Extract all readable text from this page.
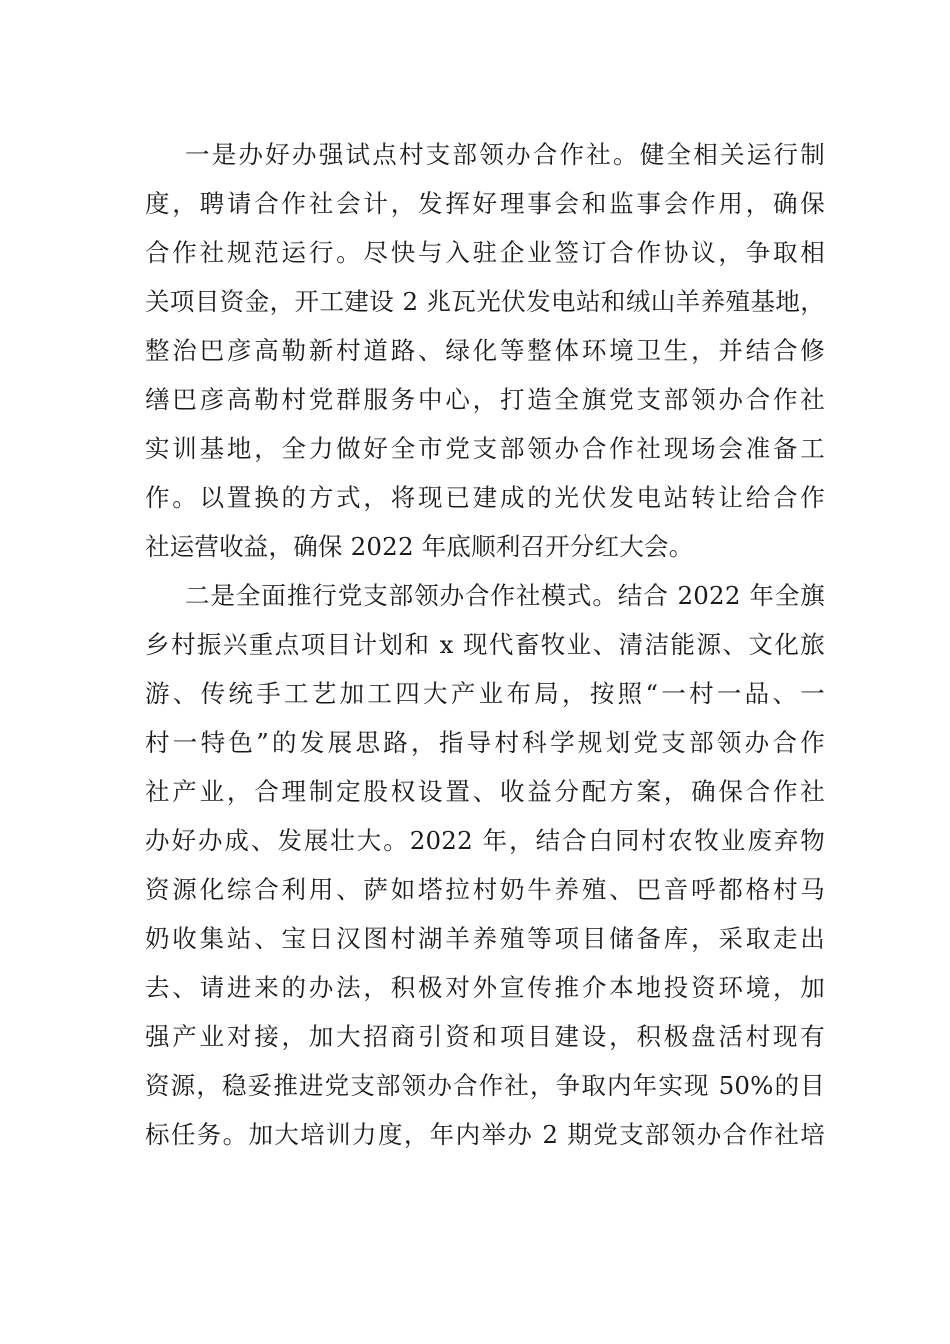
一是办好办强试点村支部领办合作社。健全相关运行制
度，聘请合作社会计，发挥好理事会和监事会作用，确保
合作社规范运行。尽快与入驻企业签订合作协议，争取相
关项目资金，开工建设 2 兆瓦光伏发电站和绒山羊养殖基地，
整治巴彦高勒新村道路、绿化等整体环境卫生，并结合修
缮巴彦高勒村党群服务中心，打造全旗党支部领办合作社
实训基地，全力做好全市党支部领办合作社现场会准备工
作。以置换的方式，将现已建成的光伏发电站转让给合作
社运营收益，确保 2022 年底顺利召开分红大会。
二是全面推行党支部领办合作社模式。结合 2022 年全旗
乡村振兴重点项目计划和 x 现代畜牧业、清洁能源、文化旅
游、传统手工艺加工四大产业布局，按照“一村一品、一
村一特色”的发展思路，指导村科学规划党支部领办合作
社产业，合理制定股权设置、收益分配方案，确保合作社
办好办成、发展壮大。2022 年，结合白同村农牧业废弃物
资源化综合利用、萨如塔拉村奶牛养殖、巴音呼都格村马
奶收集站、宝日汉图村湖羊养殖等项目储备库，采取走出
去、请进来的办法，积极对外宣传推介本地投资环境，加
强产业对接，加大招商引资和项目建设，积极盘活村现有
资源，稳妥推进党支部领办合作社，争取内年实现 50%的目
标任务。加大培训力度，年内举办 2 期党支部领办合作社培
